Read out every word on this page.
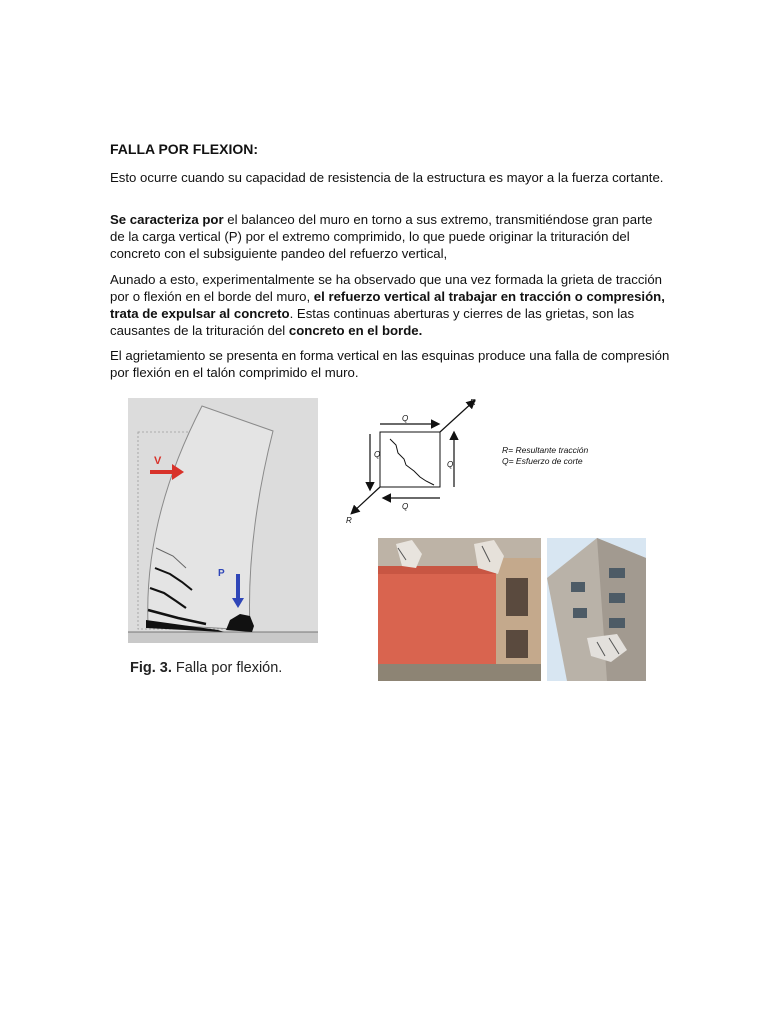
FALLA POR FLEXION:

Esto ocurre cuando su capacidad de resistencia de la estructura es mayor a la fuerza cortante.

Se caracteriza por el balanceo del muro en torno a sus extremo, transmitiéndose gran parte de la carga vertical (P) por el extremo comprimido, lo que puede originar la trituración del concreto con el subsiguiente pandeo del refuerzo vertical,

Aunado a esto, experimentalmente se ha observado que una vez formada la grieta de tracción por o flexión en el borde del muro, el refuerzo vertical al trabajar en tracción o compresión, trata de expulsar al concreto. Estas continuas aberturas y cierres de las grietas, son las causantes de la trituración del concreto en el borde.

El agrietamiento se presenta en forma vertical en las esquinas produce una falla de compresión por flexión en el talón comprimido el muro.

V
P

Fig. 3. Falla por flexión.

Q
Q
Q
Q
R
R
R= Resultante tracción
Q= Esfuerzo de corte
